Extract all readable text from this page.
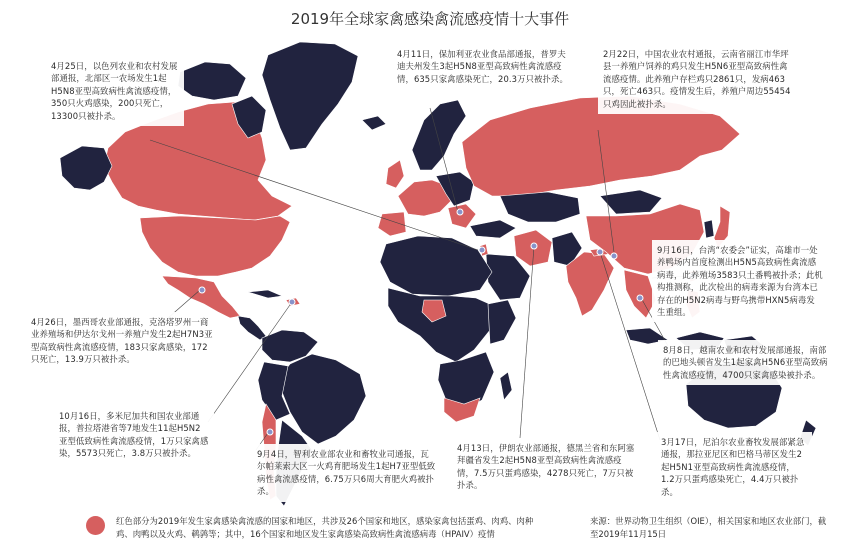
2019年全球家禽感染禽流感疫情十大事件
4月25日，以色列农业和农村发展部通报，北部区一农场发生1起H5N8亚型高致病性禽流感疫情，350只火鸡感染，200只死亡，13300只被扑杀。
4月11日，保加利亚农业食品部通报，普罗夫迪夫州发生3起H5N8亚型高致病性禽流感疫情，635只家禽感染死亡，20.3万只被扑杀。
2月22日，中国农业农村通报，云南省丽江市华坪县一养殖户饲养的鸡只发生H5N6亚型高致病性禽流感疫情。此养殖户存栏鸡只2861只，发病463只，死亡463只。疫情发生后，养殖户周边55454只鸡因此被扑杀。
9月16日，台湾“农委会”证实，高雄市一处养鸭场内首度检测出H5N5高致病性禽流感病毒，此养殖场3583只土番鸭被扑杀；此机构推测称，此次检出的病毒来源为台湾本已存在的H5N2病毒与野鸟携带HXN5病毒发生重组。
4月26日，墨西哥农业部通报，克洛塔罗州一商业养殖场和伊达尔戈州一养殖户发生2起H7N3亚型高致病性禽流感疫情，183只家禽感染，172只死亡，13.9万只被扑杀。
8月8日，越南农业和农村发展部通报，南部的巴地头顿省发生1起家禽H5N6亚型高致病性禽流感疫情，4700只家禽感染被扑杀。
10月16日，多米尼加共和国农业部通报，普拉塔港省等7地发生11起H5N2亚型低致病性禽流感疫情，1万只家禽感染，5573只死亡，3.8万只被扑杀。	9月4日，智利农业部农业和畜牧业司通报，瓦尔帕莱索大区一火鸡育肥场发生1起H7亚型低致病性禽流感疫情，6.75万只6周大育肥火鸡被扑杀。
4月13日，伊朗农业部通报，德黑兰省和东阿塞拜疆省发生2起H5N8亚型高致病性禽流感疫情，7.5万只蛋鸡感染，4278只死亡，7万只被扑杀。
3月17日，尼泊尔农业畜牧发展部紧急通报，那拉亚尼区和巴格马蒂区发生2起H5N1亚型高致病性禽流感疫情，1.2万只蛋鸡感染死亡，4.4万只被扑杀。
红色部分为2019年发生家禽感染禽流感的国家和地区，共涉及26个国家和地区，感染家禽包括蛋鸡、肉鸡、肉种鸡、肉鸭以及火鸡、鹌鹑等；其中，16个国家和地区发生家禽感染高致病性禽流感病毒（HPAIV）疫情
来源：世界动物卫生组织（OIE），相关国家和地区农业部门，截至2019年11月15日
